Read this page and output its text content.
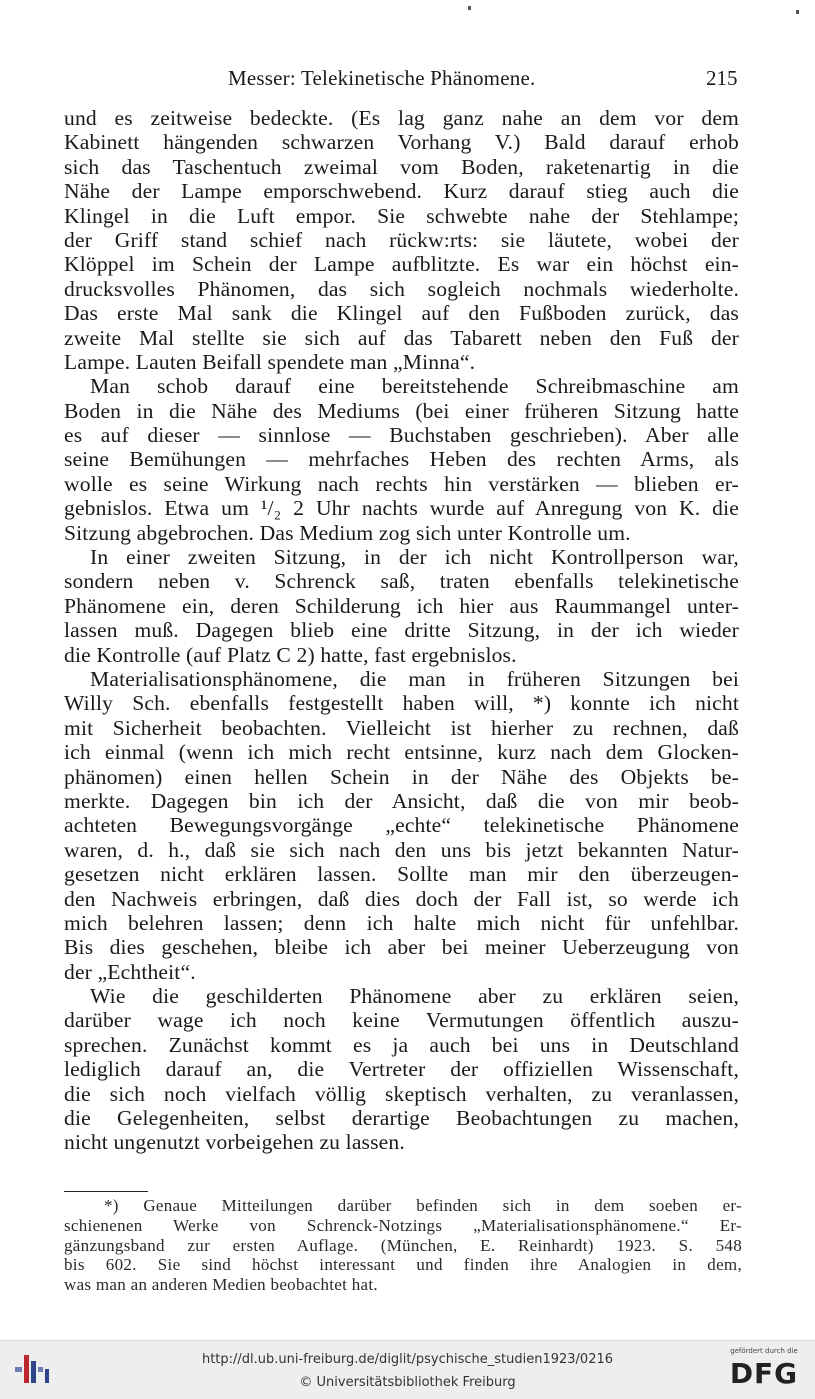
Messer: Telekinetische Phänomene.	215
und es zeitweise bedeckte. (Es lag ganz nahe an dem vor dem
Kabinett hängenden schwarzen Vorhang V.) Bald darauf erhob
sich das Taschentuch zweimal vom Boden, raketenartig in die
Nähe der Lampe emporschwebend. Kurz darauf stieg auch die
Klingel in die Luft empor. Sie schwebte nahe der Stehlampe;
der Griff stand schief nach rückw:rts: sie läutete, wobei der
Klöppel im Schein der Lampe aufblitzte. Es war ein höchst ein-
drucksvolles Phänomen, das sich sogleich nochmals wiederholte.
Das erste Mal sank die Klingel auf den Fußboden zurück, das
zweite Mal stellte sie sich auf das Tabarett neben den Fuß der
Lampe. Lauten Beifall spendete man „Minna“.
Man schob darauf eine bereitstehende Schreibmaschine am
Boden in die Nähe des Mediums (bei einer früheren Sitzung hatte
es auf dieser — sinnlose — Buchstaben geschrieben). Aber alle
seine Bemühungen — mehrfaches Heben des rechten Arms, als
wolle es seine Wirkung nach rechts hin verstärken — blieben er-
gebnislos. Etwa um ¹/₂ 2 Uhr nachts wurde auf Anregung von K. die
Sitzung abgebrochen. Das Medium zog sich unter Kontrolle um.
In einer zweiten Sitzung, in der ich nicht Kontrollperson war,
sondern neben v. Schrenck saß, traten ebenfalls telekinetische
Phänomene ein, deren Schilderung ich hier aus Raummangel unter-
lassen muß. Dagegen blieb eine dritte Sitzung, in der ich wieder
die Kontrolle (auf Platz C 2) hatte, fast ergebnislos.
Materialisationsphänomene, die man in früheren Sitzungen bei
Willy Sch. ebenfalls festgestellt haben will, *) konnte ich nicht
mit Sicherheit beobachten. Vielleicht ist hierher zu rechnen, daß
ich einmal (wenn ich mich recht entsinne, kurz nach dem Glocken-
phänomen) einen hellen Schein in der Nähe des Objekts be-
merkte. Dagegen bin ich der Ansicht, daß die von mir beob-
achteten Bewegungsvorgänge „echte“ telekinetische Phänomene
waren, d. h., daß sie sich nach den uns bis jetzt bekannten Natur-
gesetzen nicht erklären lassen. Sollte man mir den überzeugen-
den Nachweis erbringen, daß dies doch der Fall ist, so werde ich
mich belehren lassen; denn ich halte mich nicht für unfehlbar.
Bis dies geschehen, bleibe ich aber bei meiner Ueberzeugung von
der „Echtheit“.
Wie die geschilderten Phänomene aber zu erklären seien,
darüber wage ich noch keine Vermutungen öffentlich auszu-
sprechen. Zunächst kommt es ja auch bei uns in Deutschland
lediglich darauf an, die Vertreter der offiziellen Wissenschaft,
die sich noch vielfach völlig skeptisch verhalten, zu veranlassen,
die Gelegenheiten, selbst derartige Beobachtungen zu machen,
nicht ungenutzt vorbeigehen zu lassen.
*) Genaue Mitteilungen darüber befinden sich in dem soeben er-
schienenen Werke von Schrenck-Notzings „Materialisationsphänomene.“ Er-
gänzungsband zur ersten Auflage. (München, E. Reinhardt) 1923. S. 548
bis 602. Sie sind höchst interessant und finden ihre Analogien in dem,
was man an anderen Medien beobachtet hat.
http://dl.ub.uni-freiburg.de/diglit/psychische_studien1923/0216
© Universitätsbibliothek Freiburg
gefördert durch die
DFG
